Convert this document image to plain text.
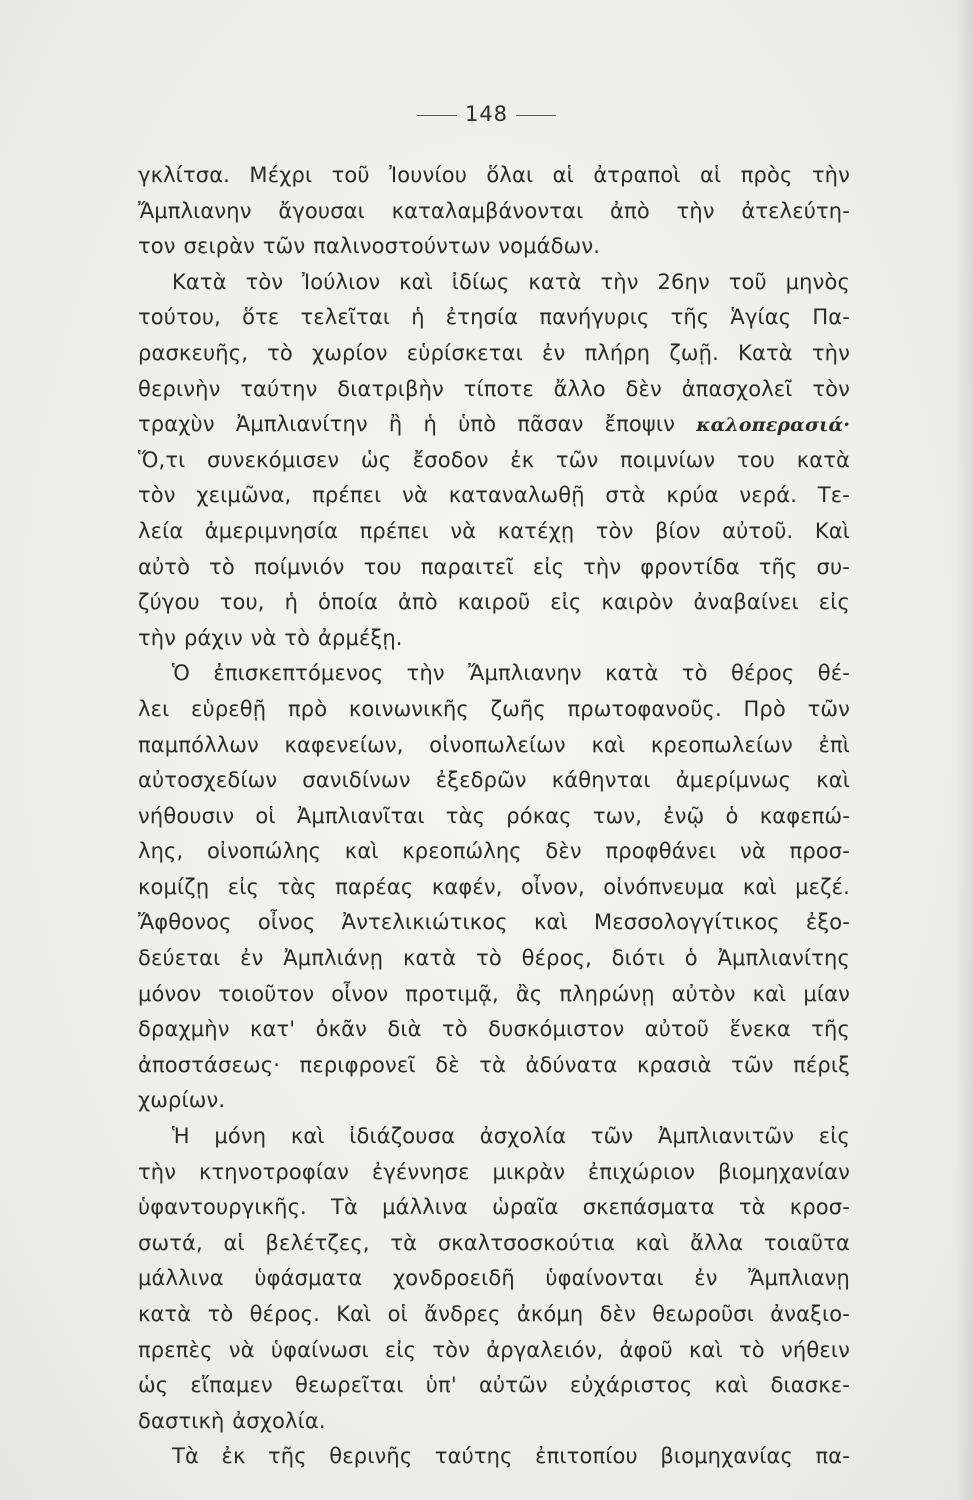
148
γκλίτσα. Μέχρι τοῦ Ἰουνίου ὅλαι αἱ ἀτραποὶ αἱ πρὸς τὴν
Ἄμπλιανην ἄγουσαι καταλαμβάνονται ἀπὸ τὴν ἀτελεύτη-
τον σειρὰν τῶν παλινοστούντων νομάδων.
Κατὰ τὸν Ἰούλιον καὶ ἰδίως κατὰ τὴν 26ην τοῦ μηνὸς
τούτου, ὅτε τελεῖται ἡ ἐτησία πανήγυρις τῆς Ἁγίας Πα-
ρασκευῆς, τὸ χωρίον εὑρίσκεται ἐν πλήρη ζωῇ. Κατὰ τὴν
θερινὴν ταύτην διατριβὴν τίποτε ἄλλο δὲν ἀπασχολεῖ τὸν
τραχὺν Ἀμπλιανίτην ἢ ἡ ὑπὸ πᾶσαν ἔποψιν καλοπερασιά·
Ὅ,τι συνεκόμισεν ὡς ἔσοδον ἐκ τῶν ποιμνίων του κατὰ
τὸν χειμῶνα, πρέπει νὰ καταναλωθῇ στὰ κρύα νερά. Τε-
λεία ἀμεριμνησία πρέπει νὰ κατέχῃ τὸν βίον αὐτοῦ. Καὶ
αὐτὸ τὸ ποίμνιόν του παραιτεῖ εἰς τὴν φροντίδα τῆς συ-
ζύγου του, ἡ ὁποία ἀπὸ καιροῦ εἰς καιρὸν ἀναβαίνει εἰς
τὴν ράχιν νὰ τὸ ἀρμέξῃ.
Ὁ ἐπισκεπτόμενος τὴν Ἄμπλιανην κατὰ τὸ θέρος θέ-
λει εὑρεθῇ πρὸ κοινωνικῆς ζωῆς πρωτοφανοῦς. Πρὸ τῶν
παμπόλλων καφενείων, οἰνοπωλείων καὶ κρεοπωλείων ἐπὶ
αὐτοσχεδίων σανιδίνων ἐξεδρῶν κάθηνται ἀμερίμνως καὶ
νήθουσιν οἱ Ἀμπλιανῖται τὰς ρόκας των, ἐνῷ ὁ καφεπώ-
λης, οἰνοπώλης καὶ κρεοπώλης δὲν προφθάνει νὰ προσ-
κομίζῃ εἰς τὰς παρέας καφέν, οἶνον, οἰνόπνευμα καὶ μεζέ.
Ἄφθονος οἶνος Ἀντελικιώτικος καὶ Μεσσολογγίτικος ἐξο-
δεύεται ἐν Ἀμπλιάνῃ κατὰ τὸ θέρος, διότι ὁ Ἀμπλιανίτης
μόνον τοιοῦτον οἶνον προτιμᾷ, ἂς πληρώνῃ αὐτὸν καὶ μίαν
δραχμὴν κατ' ὀκᾶν διὰ τὸ δυσκόμιστον αὐτοῦ ἕνεκα τῆς
ἀποστάσεως· περιφρονεῖ δὲ τὰ ἀδύνατα κρασιὰ τῶν πέριξ
χωρίων.
Ἡ μόνη καὶ ἰδιάζουσα ἀσχολία τῶν Ἀμπλιανιτῶν εἰς
τὴν κτηνοτροφίαν ἐγέννησε μικρὰν ἐπιχώριον βιομηχανίαν
ὑφαντουργικῆς. Τὰ μάλλινα ὡραῖα σκεπάσματα τὰ κροσ-
σωτά, αἱ βελέτζες, τὰ σκαλτσοσκούτια καὶ ἄλλα τοιαῦτα
μάλλινα ὑφάσματα χονδροειδῆ ὑφαίνονται ἐν Ἄμπλιανῃ
κατὰ τὸ θέρος. Καὶ οἱ ἄνδρες ἀκόμη δὲν θεωροῦσι ἀναξιο-
πρεπὲς νὰ ὑφαίνωσι εἰς τὸν ἀργαλειόν, ἀφοῦ καὶ τὸ νήθειν
ὡς εἴπαμεν θεωρεῖται ὑπ' αὐτῶν εὐχάριστος καὶ διασκε-
δαστικὴ ἀσχολία.
Τὰ ἐκ τῆς θερινῆς ταύτης ἐπιτοπίου βιομηχανίας πα-
